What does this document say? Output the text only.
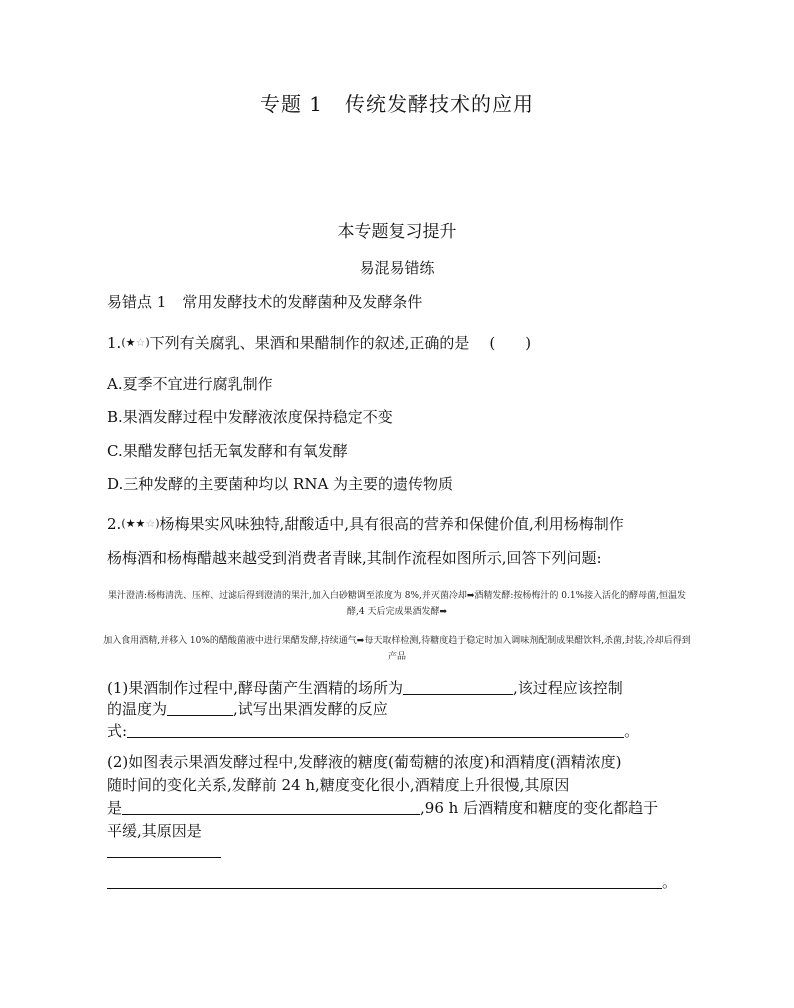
专题 1 传统发酵技术的应用
本专题复习提升
易混易错练
易错点 1 常用发酵技术的发酵菌种及发酵条件
1.(★☆)下列有关腐乳、果酒和果醋制作的叙述,正确的是 ( )
A.夏季不宜进行腐乳制作
B.果酒发酵过程中发酵液浓度保持稳定不变
C.果醋发酵包括无氧发酵和有氧发酵
D.三种发酵的主要菌种均以 RNA 为主要的遗传物质
2.(★★☆)杨梅果实风味独特,甜酸适中,具有很高的营养和保健价值,利用杨梅制作
杨梅酒和杨梅醋越来越受到消费者青睐,其制作流程如图所示,回答下列问题:
果汁澄清:杨梅清洗、压榨、过滤后得到澄清的果汁,加入白砂糖调至浓度为 8%,并灭菌冷却➡酒精发酵:按杨梅汁的 0.1%接入活化的酵母菌,恒温发酵,4 天后完成果酒发酵➡
加入食用酒精,并移入 10%的醋酸菌液中进行果醋发酵,持续通气➡每天取样检测,待糖度趋于稳定时加入调味剂配制成果醋饮料,杀菌,封装,冷却后得到产品
(1)果酒制作过程中,酵母菌产生酒精的场所为	,该过程应该控制
的温度为	,试写出果酒发酵的反应
式:	。
(2)如图表示果酒发酵过程中,发酵液的糖度(葡萄糖的浓度)和酒精度(酒精浓度)
随时间的变化关系,发酵前 24 h,糖度变化很小,酒精度上升很慢,其原因
是	,96 h 后酒精度和糖度的变化都趋于
平缓,其原因是
。
